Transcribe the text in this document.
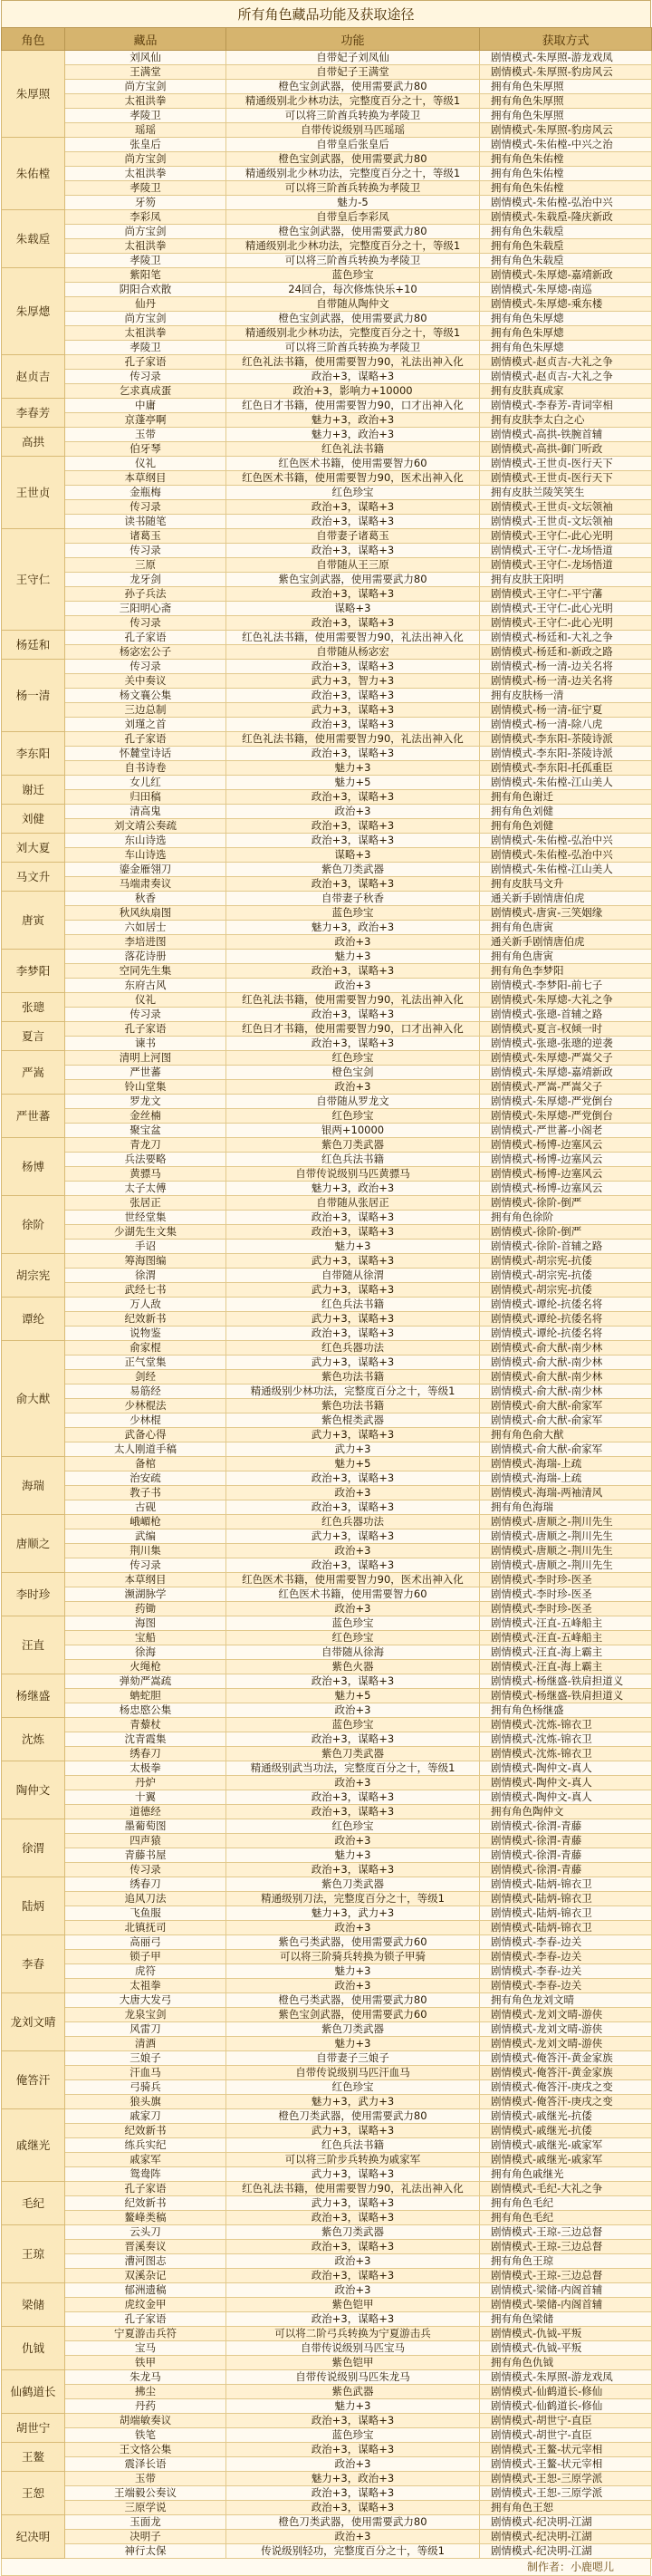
所有角色藏品功能及获取途径
角色	藏品	功能	获取方式
朱厚照	刘风仙	自带妃子刘凤仙	剧情模式-朱厚照-游龙戏凤
	王满堂	自带妃子王满堂	剧情模式-朱厚照-豹房风云
	尚方宝剑	橙色宝剑武器，使用需要武力80	拥有角色朱厚照
	太祖洪拳	精通级别北少林功法，完整度百分之十，等级1	拥有角色朱厚照
	孝陵卫	可以将三阶酋兵转换为孝陵卫	拥有角色朱厚照
	瑶瑶	自带传说级别马匹瑶瑶	剧情模式-朱厚照-豹房风云
朱佑樘	张皇后	自带皇后张皇后	剧情模式-朱佑樘-中兴之治
	尚方宝剑	橙色宝剑武器，使用需要武力80	拥有角色朱佑樘
	太祖洪拳	精通级别北少林功法，完整度百分之十，等级1	拥有角色朱佑樘
	孝陵卫	可以将三阶酋兵转换为孝陵卫	拥有角色朱佑樘
	牙笏	魅力-5	剧情模式-朱佑樘-弘治中兴
朱载垕	李彩凤	自带皇后李彩凤	剧情模式-朱载垕-隆庆新政
	尚方宝剑	橙色宝剑武器，使用需要武力80	拥有角色朱载垕
	太祖洪拳	精通级别北少林功法，完整度百分之十，等级1	拥有角色朱载垕
	孝陵卫	可以将三阶酋兵转换为孝陵卫	拥有角色朱载垕
朱厚熜	紫阳笔	蓝色珍宝	剧情模式-朱厚熜-嘉靖新政
	阴阳合欢散	24回合，每次修炼快乐+10	剧情模式-朱厚熜-南巡
	仙丹	自带随从陶仲文	剧情模式-朱厚熜-乘东楼
	尚方宝剑	橙色宝剑武器，使用需要武力80	拥有角色朱厚熜
	太祖洪拳	精通级别北少林功法，完整度百分之十，等级1	拥有角色朱厚熜
	孝陵卫	可以将三阶酋兵转换为孝陵卫	拥有角色朱厚熜
赵贞吉	孔子家语	红色礼法书籍，使用需要智力90，礼法出神入化	剧情模式-赵贞吉-大礼之争
	传习录	政治+3，谋略+3	剧情模式-赵贞吉-大礼之争
	乞求真成蛋	政治+3，影响力+10000	拥有皮肤真成家
李春芳	中庸	红色日才书籍，使用需要智力90，口才出神入化	剧情模式-李春芳-青词宰相
	京蓬亭啊	魅力+3，政治+3	拥有皮肤李太白之心
高拱	玉带	魅力+3，政治+3	剧情模式-高拱-铁腕首辅
	伯牙琴	红色礼法书籍	剧情模式-高拱-御门听政
王世贞	仪礼	红色医术书籍，使用需要智力60	剧情模式-王世贞-医行天下
	本草纲目	红色医术书籍，使用需要智力90，医术出神入化	剧情模式-王世贞-医行天下
	金瓶梅	红色珍宝	拥有皮肤兰陵笑笑生
	传习录	政治+3，谋略+3	剧情模式-王世贞-文坛领袖
	读书随笔	政治+3，谋略+3	剧情模式-王世贞-文坛领袖
王守仁	诸葛玉	自带妻子诸葛玉	剧情模式-王守仁-此心光明
	传习录	政治+3，谋略+3	剧情模式-王守仁-龙场悟道
	三原	自带随从王三原	剧情模式-王守仁-龙场悟道
	龙牙剑	紫色宝剑武器，使用需要武力80	拥有皮肤王阳明
	孙子兵法	政治+3，谋略+3	剧情模式-王守仁-平宁藩
	三阳明心斋	谋略+3	剧情模式-王守仁-此心光明
	传习录	政治+3，谋略+3	剧情模式-王守仁-此心光明
杨廷和	孔子家语	红色礼法书籍，使用需要智力90，礼法出神入化	剧情模式-杨廷和-大礼之争
	杨宓宏公子	自带随从杨宓宏	剧情模式-杨廷和-新政之路
杨一清	传习录	政治+3，谋略+3	剧情模式-杨一清-边关名将
	关中奏议	武力+3，智力+3	剧情模式-杨一清-边关名将
	杨文襄公集	政治+3，谋略+3	拥有皮肤杨一清
	三边总制	武力+3，谋略+3	剧情模式-杨一清-征宁夏
	刘瑾之首	政治+3，谋略+3	剧情模式-杨一清-除八虎
李东阳	孔子家语	红色礼法书籍，使用需要智力90，礼法出神入化	剧情模式-李东阳-茶陵诗派
	怀麓堂诗话	政治+3，谋略+3	剧情模式-李东阳-茶陵诗派
	自书诗卷	魅力+3	剧情模式-李东阳-托孤重臣
谢迁	女儿红	魅力+5	剧情模式-朱佑樘-江山美人
	归田稿	政治+3，谋略+3	拥有角色谢迁
刘健	清高鬼	政治+3	拥有角色刘健
	刘文靖公奏疏	政治+3，谋略+3	拥有角色刘健
刘大夏	东山诗选	政治+3，谋略+3	剧情模式-朱佑樘-弘治中兴
	车山诗选	谋略+3	剧情模式-朱佑樘-弘治中兴
马文升	鎏金雁翎刀	紫色刀类武器	剧情模式-朱佑樘-江山美人
	马端肃奏议	政治+3，谋略+3	拥有皮肤马文升
唐寅	秋香	自带妻子秋香	通关新手剧情唐伯虎
	秋风纨扇图	蓝色珍宝	剧情模式-唐寅-三笑姻缘
	六如居士	魅力+3，政治+3	拥有角色唐寅
	李培进图	政治+3	通关新手剧情唐伯虎
李梦阳	落花诗册	魅力+3	拥有角色唐寅
	空同先生集	政治+3，谋略+3	拥有角色李梦阳
	东府古风	政治+3	剧情模式-李梦阳-前七子
张璁	仪礼	红色礼法书籍，使用需要智力90，礼法出神入化	剧情模式-朱厚熜-大礼之争
	传习录	政治+3，谋略+3	剧情模式-张璁-首辅之路
夏言	孔子家语	红色日才书籍，使用需要智力90，口才出神入化	剧情模式-夏言-权倾一时
	谏书	政治+3，谋略+3	剧情模式-张璁-张璁的逆袭
严嵩	清明上河图	红色珍宝	剧情模式-朱厚熜-严嵩父子
	严世蕃	橙色宝剑	剧情模式-朱厚熜-嘉靖新政
	铃山堂集	政治+3	剧情模式-严嵩-严嵩父子
严世蕃	罗龙文	自带随从罗龙文	剧情模式-朱厚熜-严党倒台
	金丝楠	红色珍宝	剧情模式-朱厚熜-严党倒台
	聚宝盆	银两+10000	剧情模式-严世蕃-小阁老
杨博	青龙刀	紫色刀类武器	剧情模式-杨博-边塞风云
	兵法要略	红色兵法书籍	剧情模式-杨博-边塞风云
	黄骠马	自带传说级别马匹黄骠马	剧情模式-杨博-边塞风云
	太子太傅	魅力+3，政治+3	剧情模式-杨博-边塞风云
徐阶	张居正	自带随从张居正	剧情模式-徐阶-倒严
	世经堂集	政治+3，谋略+3	拥有角色徐阶
	少湖先生文集	政治+3，谋略+3	剧情模式-徐阶-倒严
	手诏	魅力+3	剧情模式-徐阶-首辅之路
胡宗宪	筹海图编	武力+3，谋略+3	剧情模式-胡宗宪-抗倭
	徐渭	自带随从徐渭	剧情模式-胡宗宪-抗倭
	武经七书	武力+3，谋略+3	剧情模式-胡宗宪-抗倭
谭纶	万人敌	红色兵法书籍	剧情模式-谭纶-抗倭名将
	纪效新书	武力+3，谋略+3	剧情模式-谭纶-抗倭名将
	说物鉴	政治+3，谋略+3	剧情模式-谭纶-抗倭名将
俞大猷	俞家棍	红色兵器功法	剧情模式-俞大猷-南少林
	正气堂集	武力+3，谋略+3	剧情模式-俞大猷-南少林
	剑经	紫色功法书籍	剧情模式-俞大猷-南少林
	易筋经	精通级别少林功法，完整度百分之十，等级1	剧情模式-俞大猷-南少林
	少林棍法	紫色功法书籍	剧情模式-俞大猷-俞家军
	少林棍	紫色棍类武器	剧情模式-俞大猷-俞家军
	武备心得	武力+3，谋略+3	拥有角色俞大猷
	太人刚道手稿	武力+3	剧情模式-俞大猷-俞家军
海瑞	备棺	魅力+5	剧情模式-海瑞-上疏
	治安疏	政治+3，谋略+3	剧情模式-海瑞-上疏
	教子书	政治+3	剧情模式-海瑞-两袖清风
	古砚	政治+3，谋略+3	拥有角色海瑞
唐顺之	峨嵋枪	红色兵器功法	剧情模式-唐顺之-荆川先生
	武编	武力+3，谋略+3	剧情模式-唐顺之-荆川先生
	荆川集	政治+3	剧情模式-唐顺之-荆川先生
	传习录	政治+3，谋略+3	剧情模式-唐顺之-荆川先生
李时珍	本草纲目	红色医术书籍，使用需要智力90，医术出神入化	剧情模式-李时珍-医圣
	濒湖脉学	红色医术书籍，使用需要智力60	剧情模式-李时珍-医圣
	药锄	政治+3	剧情模式-李时珍-医圣
汪直	海图	蓝色珍宝	剧情模式-汪直-五峰船主
	宝船	红色珍宝	剧情模式-汪直-五峰船主
	徐海	自带随从徐海	剧情模式-汪直-海上霸主
	火绳枪	紫色火器	剧情模式-汪直-海上霸主
杨继盛	弹劾严嵩疏	政治+3，谋略+3	剧情模式-杨继盛-铁肩担道义
	蚺蛇胆	魅力+5	剧情模式-杨继盛-铁肩担道义
	杨忠愍公集	政治+3	拥有角色杨继盛
沈炼	青藜杖	蓝色珍宝	剧情模式-沈炼-锦衣卫
	沈青霞集	政治+3，谋略+3	剧情模式-沈炼-锦衣卫
	绣春刀	紫色刀类武器	剧情模式-沈炼-锦衣卫
陶仲文	太极拳	精通级别武当功法，完整度百分之十，等级1	剧情模式-陶仲文-真人
	丹炉	政治+3	剧情模式-陶仲文-真人
	十翼	政治+3，谋略+3	剧情模式-陶仲文-真人
	道德经	政治+3，谋略+3	拥有角色陶仲文
徐渭	墨葡萄图	红色珍宝	剧情模式-徐渭-青藤
	四声猿	政治+3	剧情模式-徐渭-青藤
	青藤书屋	魅力+3	剧情模式-徐渭-青藤
	传习录	政治+3，谋略+3	剧情模式-徐渭-青藤
陆炳	绣春刀	紫色刀类武器	剧情模式-陆炳-锦衣卫
	追风刀法	精通级别刀法，完整度百分之十，等级1	剧情模式-陆炳-锦衣卫
	飞鱼服	魅力+3，武力+3	剧情模式-陆炳-锦衣卫
	北镇抚司	政治+3	剧情模式-陆炳-锦衣卫
李春	高丽弓	紫色弓类武器，使用需要武力60	剧情模式-李春-边关
	锁子甲	可以将三阶骑兵转换为锁子甲骑	剧情模式-李春-边关
	虎符	魅力+3	剧情模式-李春-边关
	太祖拳	政治+3	剧情模式-李春-边关
龙刘文晴	大唐大发弓	橙色弓类武器，使用需要武力80	拥有角色龙刘文晴
	龙泉宝剑	紫色宝剑武器，使用需要武力60	剧情模式-龙刘文晴-游侠
	风雷刀	紫色刀类武器	剧情模式-龙刘文晴-游侠
	清酒	魅力+3	剧情模式-龙刘文晴-游侠
俺答汗	三娘子	自带妻子三娘子	剧情模式-俺答汗-黄金家族
	汗血马	自带传说级别马匹汗血马	剧情模式-俺答汗-黄金家族
	弓骑兵	红色珍宝	剧情模式-俺答汗-庚戌之变
	狼头旗	魅力+3，武力+3	剧情模式-俺答汗-庚戌之变
戚继光	戚家刀	橙色刀类武器，使用需要武力80	剧情模式-戚继光-抗倭
	纪效新书	武力+3，谋略+3	剧情模式-戚继光-抗倭
	练兵实纪	红色兵法书籍	剧情模式-戚继光-戚家军
	戚家军	可以将三阶步兵转换为戚家军	剧情模式-戚继光-戚家军
	鸳鸯阵	武力+3，谋略+3	拥有角色戚继光
毛纪	孔子家语	红色礼法书籍，使用需要智力90，礼法出神入化	剧情模式-毛纪-大礼之争
	纪效新书	武力+3，谋略+3	拥有角色毛纪
	鳌峰类稿	政治+3，谋略+3	拥有角色毛纪
王琼	云头刀	紫色刀类武器	剧情模式-王琼-三边总督
	晋溪奏议	政治+3，谋略+3	剧情模式-王琼-三边总督
	漕河图志	政治+3	拥有角色王琼
	双溪杂记	政治+3，谋略+3	剧情模式-王琼-三边总督
梁储	郁洲遗稿	政治+3	剧情模式-梁储-内阁首辅
	虎纹金甲	紫色铠甲	剧情模式-梁储-内阁首辅
	孔子家语	政治+3，谋略+3	拥有角色梁储
仇钺	宁夏游击兵符	可以将二阶弓兵转换为宁夏游击兵	剧情模式-仇钺-平叛
	宝马	自带传说级别马匹宝马	剧情模式-仇钺-平叛
	铁甲	紫色铠甲	拥有角色仇钺
仙鹤道长	朱龙马	自带传说级别马匹朱龙马	剧情模式-朱厚照-游龙戏凤
	拂尘	紫色武器	剧情模式-仙鹤道长-修仙
	丹药	魅力+3	剧情模式-仙鹤道长-修仙
胡世宁	胡端敏奏议	政治+3，谋略+3	剧情模式-胡世宁-直臣
	铁笔	蓝色珍宝	剧情模式-胡世宁-直臣
王鳌	王文恪公集	政治+3，谋略+3	剧情模式-王鳌-状元宰相
	震泽长语	政治+3	剧情模式-王鳌-状元宰相
王恕	玉带	魅力+3，政治+3	剧情模式-王恕-三原学派
	王端毅公奏议	政治+3，谋略+3	剧情模式-王恕-三原学派
	三原学说	政治+3，谋略+3	拥有角色王恕
纪决明	玉面龙	橙色刀类武器，使用需要武力80	剧情模式-纪决明-江湖
	决明子	政治+3	剧情模式-纪决明-江湖
	神行太保	传说级别轻功，完整度百分之十，等级1	剧情模式-纪决明-江湖
制作者：小鹿嗯儿
